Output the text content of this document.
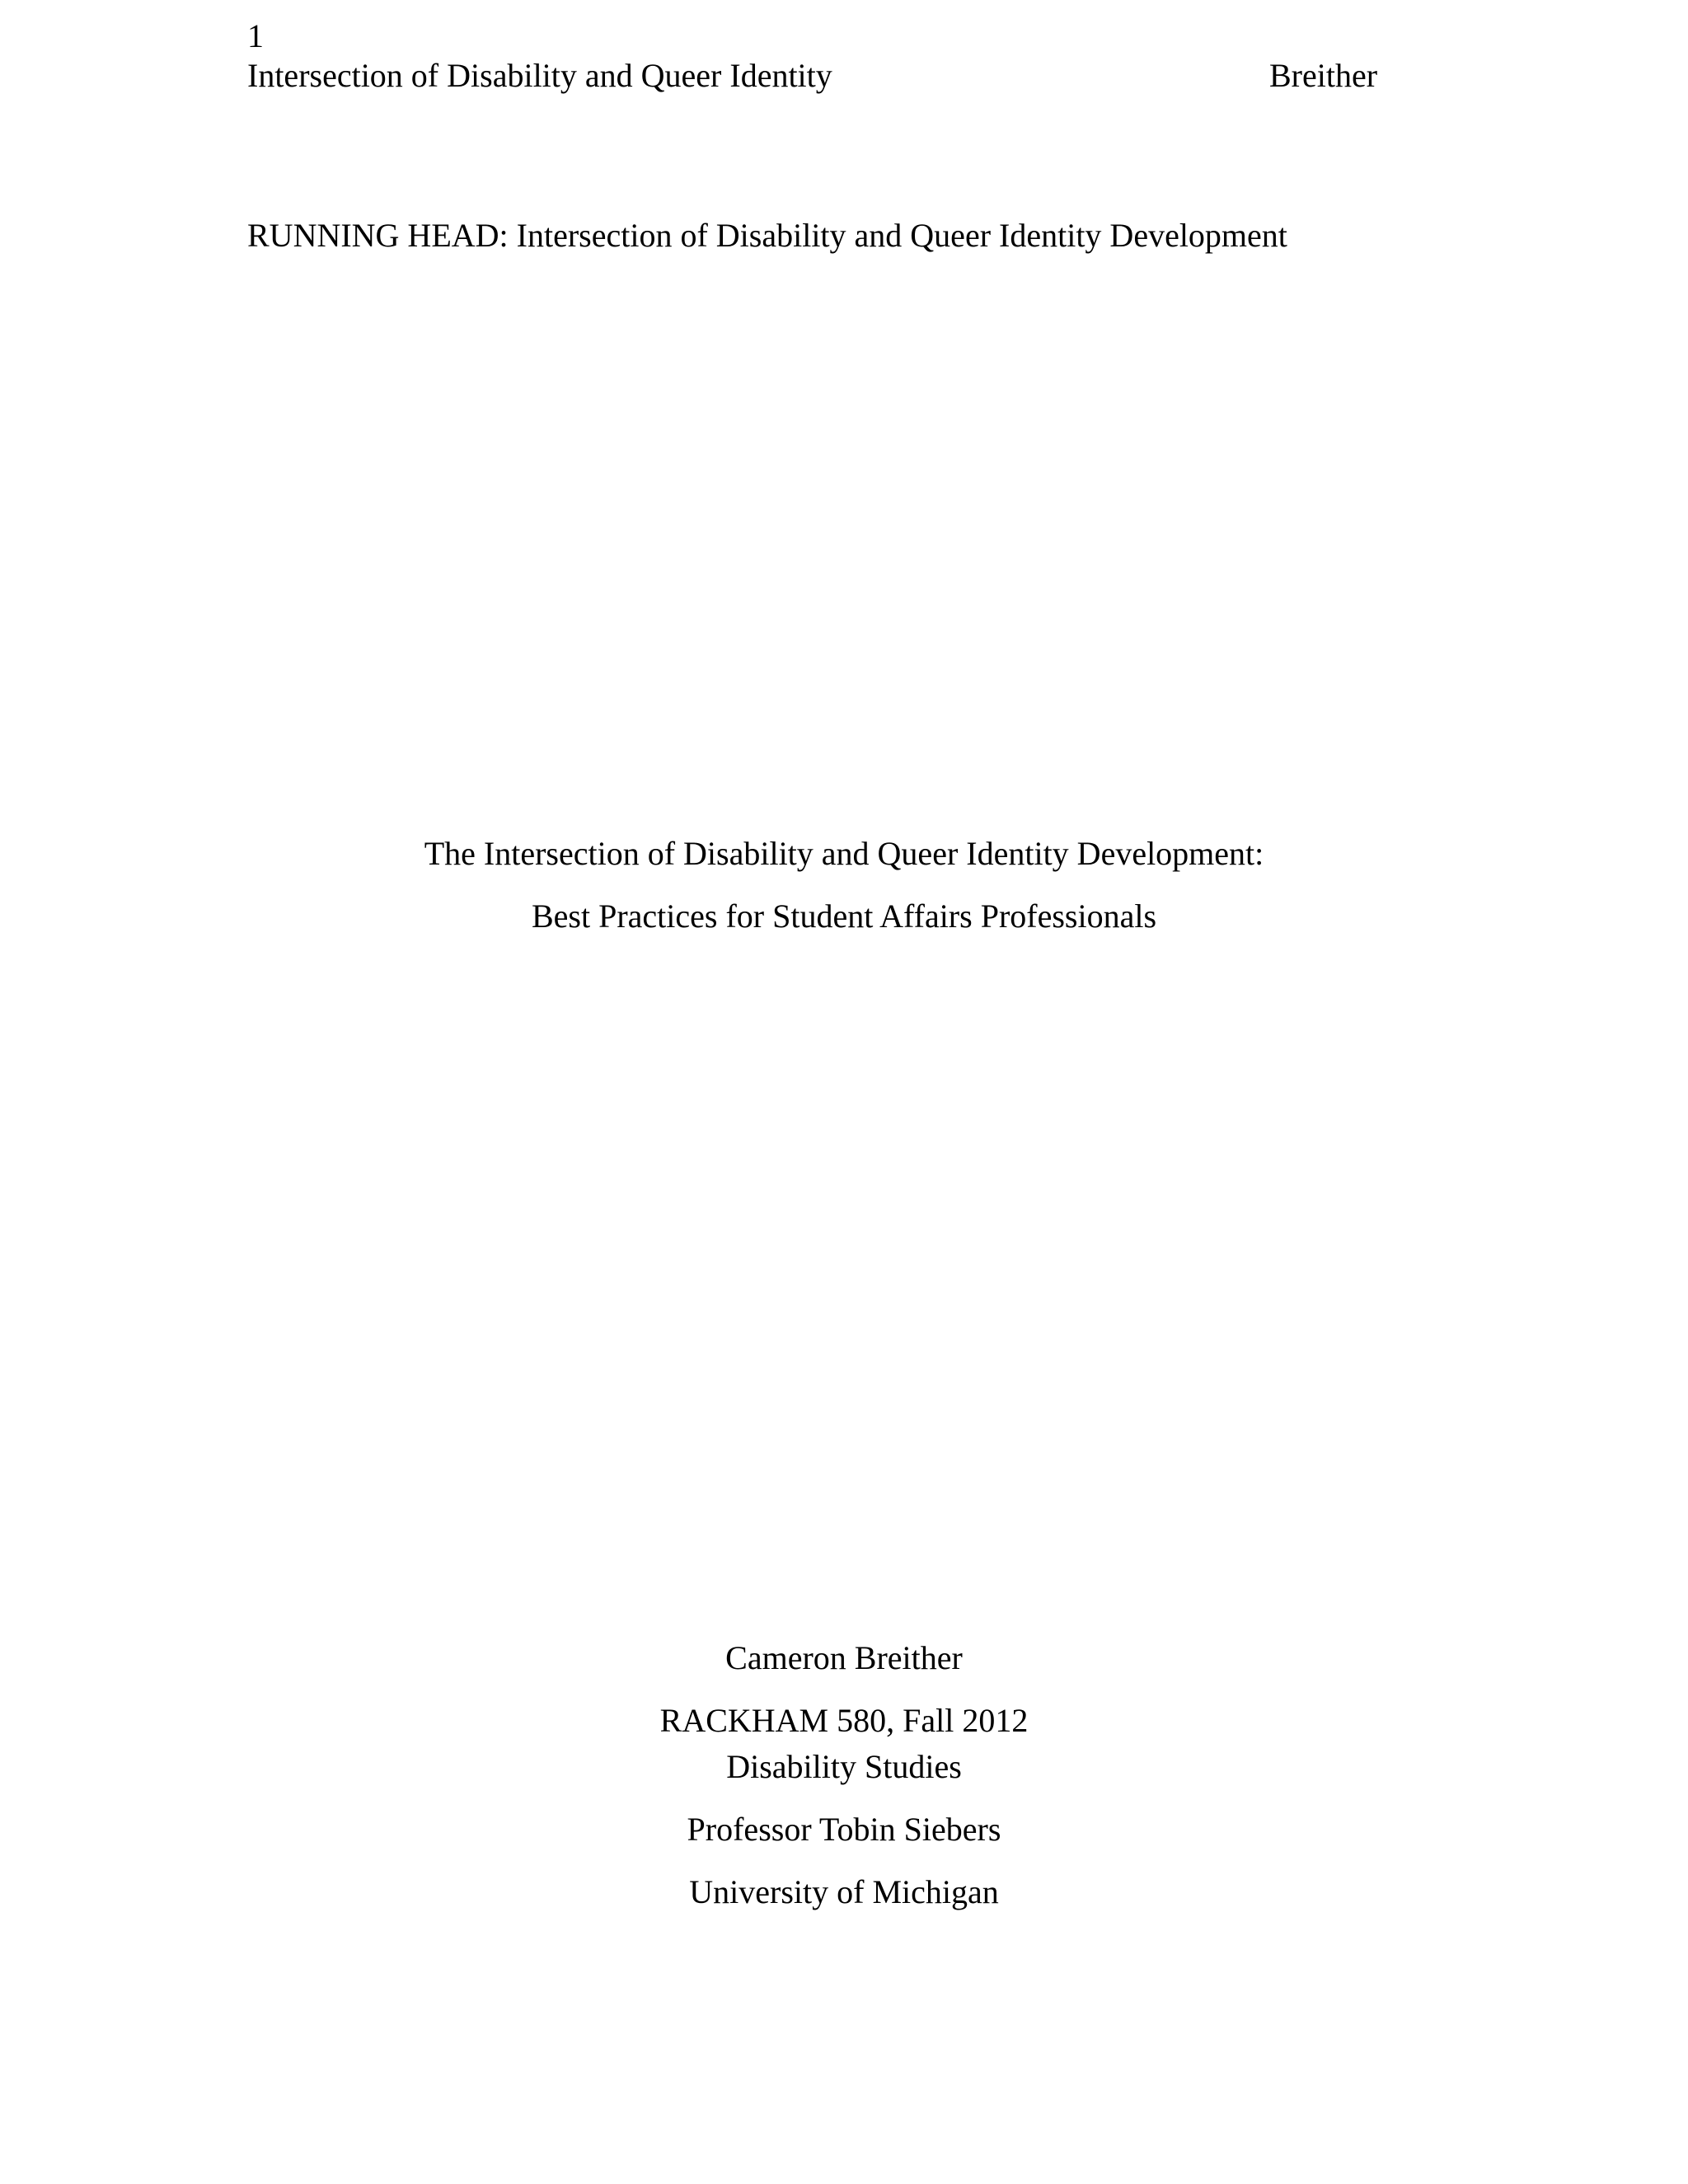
1

Intersection of Disability and Queer Identity	Breither

RUNNING HEAD: Intersection of Disability and Queer Identity Development

The Intersection of Disability and Queer Identity Development:

Best Practices for Student Affairs Professionals

Cameron Breither

RACKHAM 580, Fall 2012

Disability Studies

Professor Tobin Siebers

University of Michigan
